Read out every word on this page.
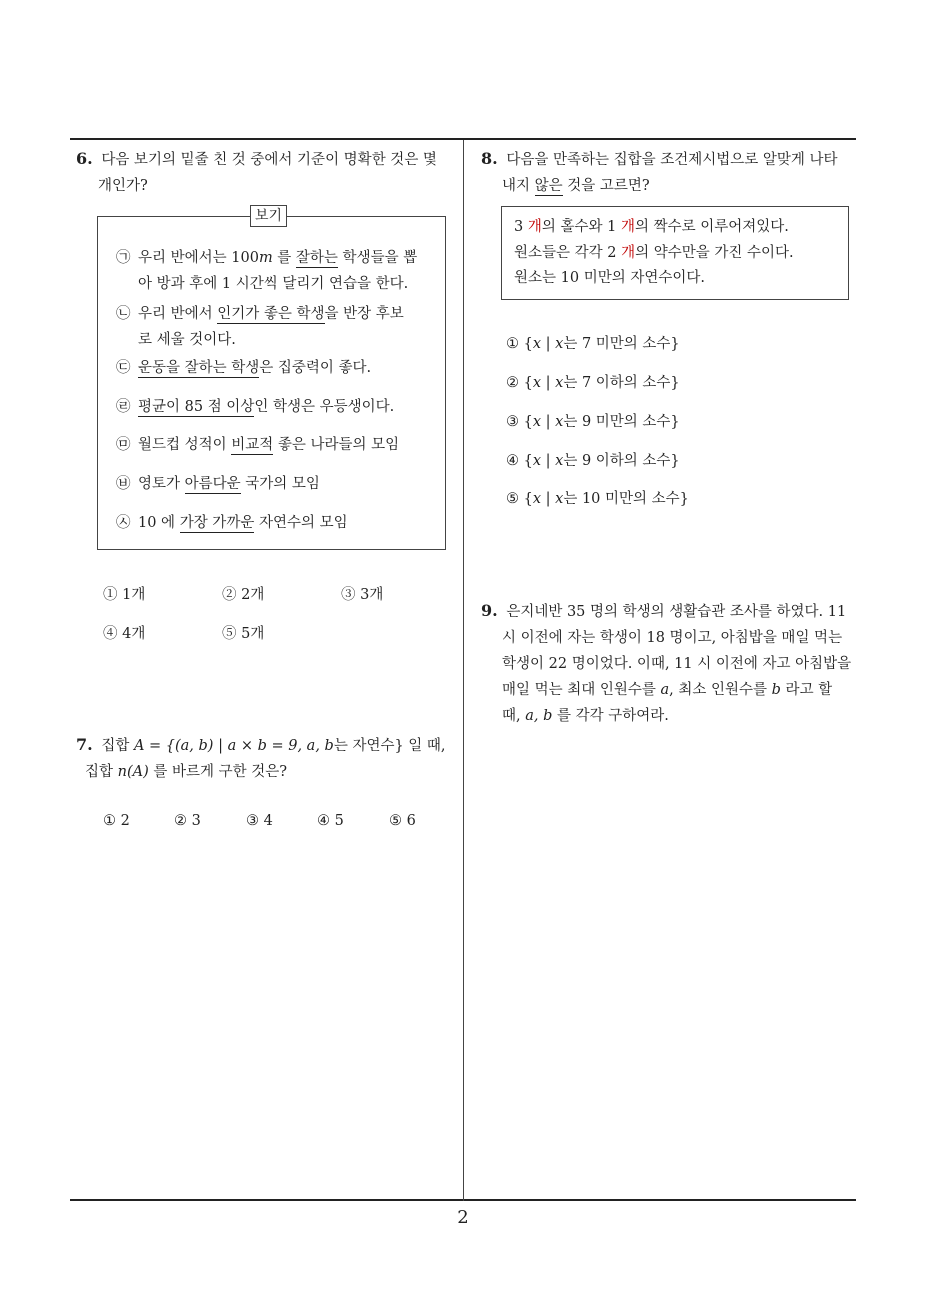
6. 다음 보기의 밑줄 친 것 중에서 기준이 명확한 것은 몇
개인가?
보기
㉠ 우리 반에서는 100m 를 잘하는 학생들을 뽑
아 방과 후에 1 시간씩 달리기 연습을 한다.
㉡ 우리 반에서 인기가 좋은 학생을 반장 후보
로 세울 것이다.
㉢ 운동을 잘하는 학생은 집중력이 좋다.
㉣ 평균이 85 점 이상인 학생은 우등생이다.
㉤ 월드컵 성적이 비교적 좋은 나라들의 모임
㉥ 영토가 아름다운 국가의 모임
㉦ 10 에 가장 가까운 자연수의 모임
① 1개	② 2개	③ 3개
④ 4개	⑤ 5개
7. 집합 A = {(a, b) | a × b = 9, a, b는 자연수} 일 때,
집합 n(A) 를 바르게 구한 것은?
① 2	② 3	③ 4	④ 5	⑤ 6
8. 다음을 만족하는 집합을 조건제시법으로 알맞게 나타
내지 않은 것을 고르면?
3 개의 홀수와 1 개의 짝수로 이루어져있다.
원소들은 각각 2 개의 약수만을 가진 수이다.
원소는 10 미만의 자연수이다.
① {x | x는 7 미만의 소수}
② {x | x는 7 이하의 소수}
③ {x | x는 9 미만의 소수}
④ {x | x는 9 이하의 소수}
⑤ {x | x는 10 미만의 소수}
9. 은지네반 35 명의 학생의 생활습관 조사를 하였다. 11
시 이전에 자는 학생이 18 명이고, 아침밥을 매일 먹는
학생이 22 명이었다. 이때, 11 시 이전에 자고 아침밥을
매일 먹는 최대 인원수를 a, 최소 인원수를 b 라고 할
때, a, b 를 각각 구하여라.
2
